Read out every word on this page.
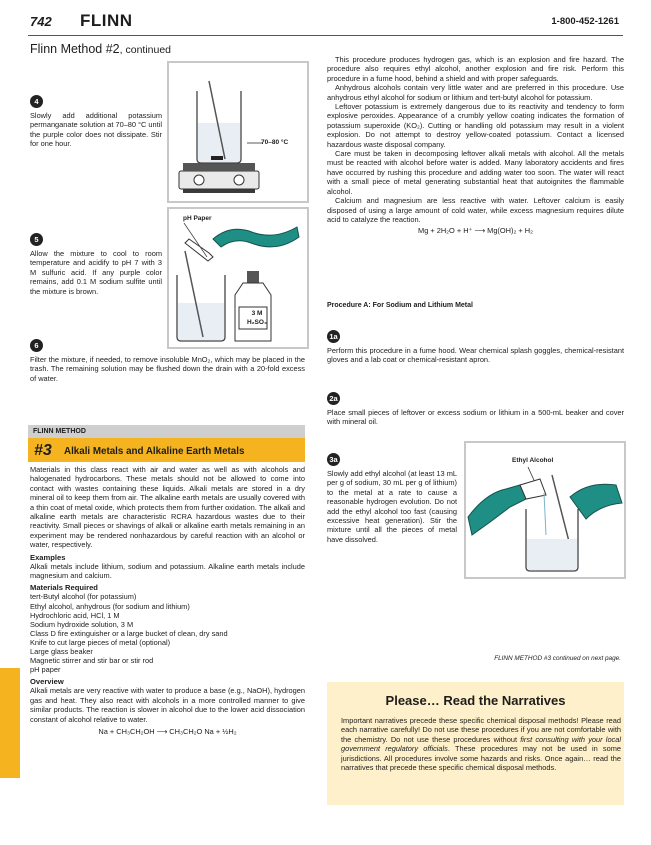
742 FLINN	1-800-452-1261
Flinn Method #2, continued
4
Slowly add additional potassium permanganate solution at 70–80 °C until the purple color does not dissipate. Stir for one hour.	70–80 °C
5
Allow the mixture to cool to room temperature and acidify to pH 7 with 3 M sulfuric acid. If any purple color remains, add 0.1 M sodium sulfite until the mixture is brown.
pH Paper
3 M
H₂SO₄
6
Filter the mixture, if needed, to remove insoluble MnO₂, which may be placed in the trash. The remaining solution may be flushed down the drain with a 20-fold excess of water.
FLINN METHOD
#3 Alkali Metals and Alkaline Earth Metals
Materials in this class react with air and water as well as with alcohols and halogenated hydrocarbons. These metals should not be allowed to come into contact with wastes containing these liquids. Alkali metals are stored in a dry mineral oil to keep them from air. The alkaline earth metals are usually covered with a thin coat of metal oxide, which protects them from further oxidation. The alkali and alkaline earth metals are characteristic RCRA hazardous wastes due to their reactivity. Small pieces or shavings of alkali or alkaline earth metals remaining in an experiment may be rendered nonhazardous by careful reaction with an alcohol or water, respectively.
Examples
Alkali metals include lithium, sodium and potassium. Alkaline earth metals include magnesium and calcium.
Materials Required
tert-Butyl alcohol (for potassium)
Ethyl alcohol, anhydrous (for sodium and lithium)
Hydrochloric acid, HCl, 1 M
Sodium hydroxide solution, 3 M
Class D fire extinguisher or a large bucket of clean, dry sand
Knife to cut large pieces of metal (optional)
Large glass beaker
Magnetic stirrer and stir bar or stir rod
pH paper
Overview
Alkali metals are very reactive with water to produce a base (e.g., NaOH), hydrogen gas and heat. They also react with alcohols in a more controlled manner to give similar products. The reaction is slower in alcohol due to the lower acid dissociation constant of alcohol relative to water.
Na + CH₃CH₂OH ⟶ CH₃CH₂O Na + ½H₂
This procedure produces hydrogen gas, which is an explosion and fire hazard. The procedure also requires ethyl alcohol, another explosion and fire risk. Perform this procedure in a fume hood, behind a shield and with proper safeguards.
Anhydrous alcohols contain very little water and are preferred in this procedure. Use anhydrous ethyl alcohol for sodium or lithium and tert-butyl alcohol for potassium.
Leftover potassium is extremely dangerous due to its reactivity and tendency to form explosive peroxides. Appearance of a crumbly yellow coating indicates the formation of potassium superoxide (KO₂). Cutting or handling old potassium may result in a violent explosion. Do not attempt to destroy yellow-coated potassium. Contact a licensed hazardous waste disposal company.
Care must be taken in decomposing leftover alkali metals with alcohol. All the metals must be reacted with alcohol before water is added. Many laboratory accidents and fires have occurred by rushing this procedure and adding water too soon. The water will react with a small piece of metal generating substantial heat that autoignites the flammable alcohol.
Calcium and magnesium are less reactive with water. Leftover calcium is easily disposed of using a large amount of cold water, while excess magnesium requires dilute acid to catalyze the reaction.
Mg + 2H₂O + H⁺ ⟶ Mg(OH)₂ + H₂
Procedure A: For Sodium and Lithium Metal
1a
Perform this procedure in a fume hood. Wear chemical splash goggles, chemical-resistant gloves and a lab coat or chemical-resistant apron.
2a
Place small pieces of leftover or excess sodium or lithium in a 500-mL beaker and cover with mineral oil.
3a
Slowly add ethyl alcohol (at least 13 mL per g of sodium, 30 mL per g of lithium) to the metal at a rate to cause a reasonable hydrogen evolution. Do not add the ethyl alcohol too fast (causing excessive heat generation). Stir the mixture until all the pieces of metal have dissolved.
Ethyl Alcohol
FLINN METHOD #3 continued on next page.
Please… Read the Narratives
Important narratives precede these specific chemical disposal methods! Please read each narrative carefully! Do not use these procedures if you are not comfortable with the chemistry. Do not use these procedures without first consulting with your local government regulatory officials. These procedures may not be used in some jurisdictions. All procedures involve some hazards and risks. Once again… read the narratives that precede these specific chemical disposal methods.
